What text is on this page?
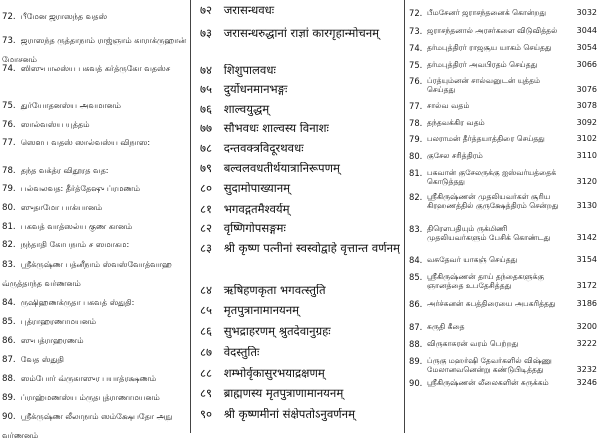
72. பீமேன ஜராஸந்த வதஸ்
73. ஜராஸந்த ருத்தாநாம் ராஜ்ஞாம் காராக்ருஹான் மோசனம்
74. ஸிஸுபாலஸ்ய பகவத் கர்த்ருகோ வதஸ்ச
75. துர்யோதனஸ்ய அவமானம்
76. ஸால்வஸ்ய யுத்தம்
77. ஸௌப வதஸ் ஸால்வஸ்ய விநாஸ:
78. தந்த வக்த்ர விதூரத வத:
79. பல்வலவத: தீர்த்தேஷு ப்ரமணம்
80. ஸுதாமோ பாக்யானம்
81. பகவத் வாத்ஸல்ய குண கானம்
82. நந்தாதி கோபநாம் ச ஸமாகம:
83. ஸ்ரீக்ருஷ்ண பத்னீநாம் ஸ்வஸ்வோத்வாஹ வ்ருத்தாந்த வர்ணனம்
84. ருஷிஹணக்ருதா பகவத் ஸ்துதி:
85. புத்ராஹரணாமயனம்
86. ஸுபத்ராஹரணம்
87. வேத ஸ்துதி
88. ஸம்போர் வ்ருகாஸுர பயாத்ரக்ஷணம்
89. ப்ராஹ்மணஸ்ய ம்ருதபுத்ராணாமயனம்
90. ஸ்ரீக்ருஷ்ண லீலாநாம் ஸம்க்ஷேபதோ அநு வர்ணனம்
७२ जरासन्धवधः
७३ जरासन्धरुद्धानां राज्ञां कारगृहान्मोचनम्
७४ शिशुपालवधः
७५ दुर्योधनमानभङ्गः
७६ शाल्वयुद्धम्
७७ सौभवधः शाल्वस्य विनाशः
७८ दन्तवक्त्रविदूरथवधः
७९ बल्वलवधतीर्थयात्रानिरूपणम्
८० सुदामोपाख्यानम्
८१ भगवद्गतमैश्वर्यम्
८२ वृष्णिगोपसङ्गमः
८३ श्री कृष्ण पत्नीनां स्वस्वोद्वाहे वृत्तान्त वर्णनम्
८४ ऋषिहणकृता भगवत्स्तुति
८५ मृतपुत्रानामानयनम्
८६ सुभद्राहरणम् श्रुतदेवानुग्रहः
८७ वेदस्तुतिः
८८ शम्भोर्वृकासुरभयाद्रक्षणम्
८९ ब्राह्मणस्य मृतपुत्राणामानयनम्
९० श्री कृष्णमीनां संक्षेपतोऽनुवर्णनम्
72. பீமசேனர் ஜராசந்தனைக் கொன்றது	3032
73. ஜராசந்தனால் அரசர்களை விடுவித்தல்	3044
74. தர்மபுத்திரர் ராஜசூய யாகம் செய்தது	3054
75. தர்மபுத்திரர் அவபிரதம் செய்தது	3066
76. ப்ரத்யும்னன் சால்வனுடன் யுத்தம் செய்தது	3076
77. சால்வ வதம்	3078
78. தந்தவக்கிர வதம்	3092
79. பலராமன் தீர்த்தயாத்திரை செய்தது	3102
80. குசேல சரித்திரம்	3110
81. பகவான் குசேலருக்கு ஐஸ்வர்யத்தைக் கொடுத்தது	3120
82. ஸ்ரீகிருஷ்ணன் முதலியவர்கள் சூரிய கிரஹணத்தில் குருக்ஷேத்திரம் சென்றது	3130
83. திரௌபதியும் ருக்மிணி முதலியவர்களும் பேசிக் கொண்டது	3142
84. வசுதேவர் யாகஞ் செய்தது	3154
85. ஸ்ரீகிருஷ்ணன் தாய் தந்தைகளுக்கு ஞானத்தை உபதேசித்தது	3172
86. அர்ச்சுனன் சுபத்திரையை அபகரித்தது	3186
87. சுருதி கீதை	3200
88. விருகாசுரன் வரம் பெற்றது	3222
89. ப்ருகு மஹர்ஷி தேவர்களில் விஷ்ணு மேலானவனென்று கண்டுபிடித்தது	3232
90. ஸ்ரீகிருஷ்ணன் லீலைகளின் சுருக்கம்	3246
